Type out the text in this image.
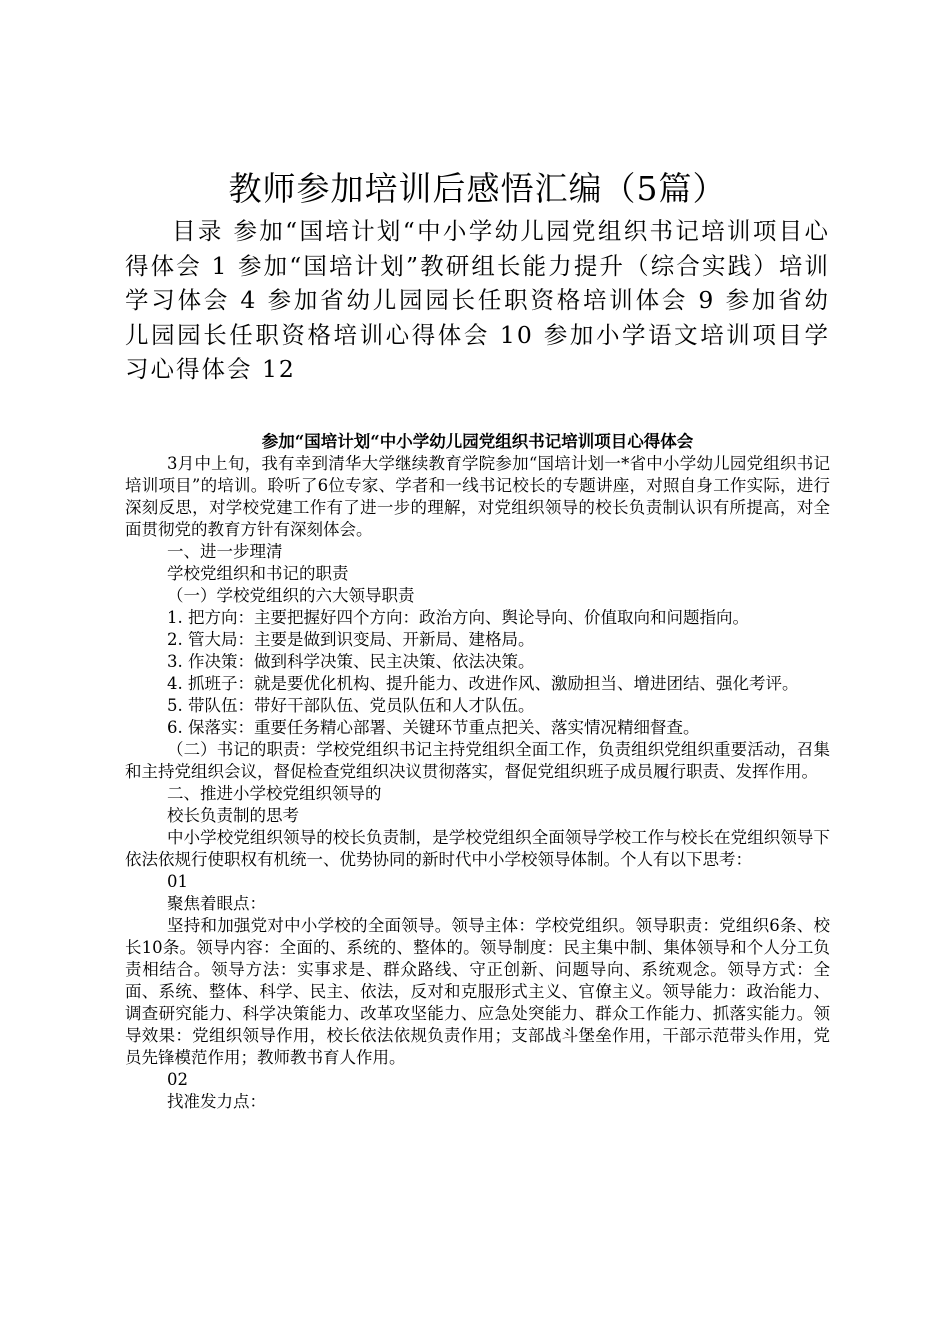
教师参加培训后感悟汇编（5篇）

目录 参加“国培计划“中小学幼儿园党组织书记培训项目心得体会 1 参加“国培计划”教研组长能力提升（综合实践）培训学习体会 4 参加省幼儿园园长任职资格培训体会 9 参加省幼儿园园长任职资格培训心得体会 10 参加小学语文培训项目学习心得体会 12

参加“国培计划“中小学幼儿园党组织书记培训项目心得体会

3月中上旬，我有幸到清华大学继续教育学院参加“国培计划一*省中小学幼儿园党组织书记培训项目”的培训。聆听了6位专家、学者和一线书记校长的专题讲座，对照自身工作实际，进行深刻反思，对学校党建工作有了进一步的理解，对党组织领导的校长负责制认识有所提高，对全面贯彻党的教育方针有深刻体会。

一、进一步理清

学校党组织和书记的职责

（一）学校党组织的六大领导职责

1. 把方向：主要把握好四个方向：政治方向、舆论导向、价值取向和问题指向。

2. 管大局：主要是做到识变局、开新局、建格局。

3. 作决策：做到科学决策、民主决策、依法决策。

4. 抓班子：就是要优化机构、提升能力、改进作风、激励担当、增进团结、强化考评。

5. 带队伍：带好干部队伍、党员队伍和人才队伍。

6. 保落实：重要任务精心部署、关键环节重点把关、落实情况精细督查。

（二）书记的职责：学校党组织书记主持党组织全面工作，负责组织党组织重要活动，召集和主持党组织会议，督促检查党组织决议贯彻落实，督促党组织班子成员履行职责、发挥作用。

二、推进小学校党组织领导的

校长负责制的思考

中小学校党组织领导的校长负责制，是学校党组织全面领导学校工作与校长在党组织领导下依法依规行使职权有机统一、优势协同的新时代中小学校领导体制。个人有以下思考：

01

聚焦着眼点：

坚持和加强党对中小学校的全面领导。领导主体：学校党组织。领导职责：党组织6条、校长10条。领导内容：全面的、系统的、整体的。领导制度：民主集中制、集体领导和个人分工负责相结合。领导方法：实事求是、群众路线、守正创新、问题导向、系统观念。领导方式：全面、系统、整体、科学、民主、依法，反对和克服形式主义、官僚主义。领导能力：政治能力、调查研究能力、科学决策能力、改革攻坚能力、应急处突能力、群众工作能力、抓落实能力。领导效果：党组织领导作用，校长依法依规负责作用；支部战斗堡垒作用，干部示范带头作用，党员先锋模范作用；教师教书育人作用。

02

找准发力点：
